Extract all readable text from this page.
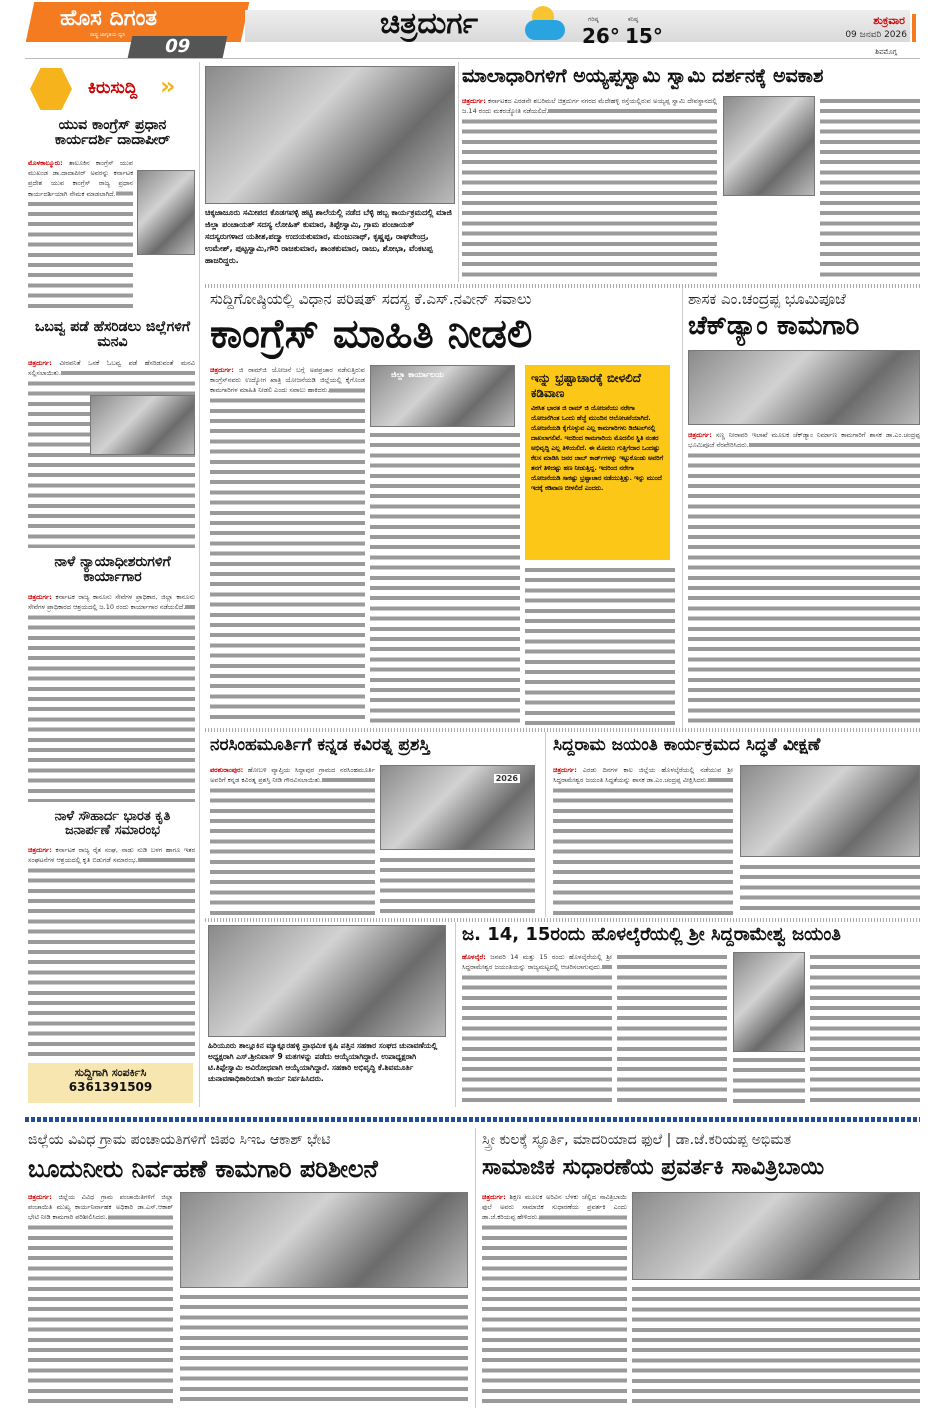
ಹೊಸ ದಿಗಂತ
ರಾಷ್ಟ್ರ ಜಾಗೃತಿಯ ಧ್ವನಿ
09
ಚಿತ್ರದುರ್ಗ	ಗರಿಷ್ಠ
26°
ಕನಿಷ್ಠ
15°
ಶುಕ್ರವಾರ
09 ಜನವರಿ 2026
ಶಿವಮೊಗ್ಗ
ಕಿರುಸುದ್ದಿ »
ಯುವ ಕಾಂಗ್ರೆಸ್ ಪ್ರಧಾನ ಕಾರ್ಯದರ್ಶಿ ದಾದಾಪೀರ್
ಮೊಳಕಾಲ್ಮೂರು: ತಾಲೂಕಿನ ಕಾಂಗ್ರೆಸ್ ಯುವ ಮುಖಂಡ ಡಾ.ದಾದಾಪೀರ್ ಅವರನ್ನು ಕರ್ನಾಟಕ ಪ್ರದೇಶ ಯುವ ಕಾಂಗ್ರೆಸ್ ರಾಜ್ಯ ಪ್ರಧಾನ ಕಾರ್ಯದರ್ಶಿಯಾಗಿ ನೇಮಕ ಮಾಡಲಾಗಿದೆ.
ಒಬವ್ವ ಪಡೆ ಹೆಸರಿಡಲು ಜಿಲ್ಲೆಗಳಿಗೆ ಮನವಿ
ಚಿತ್ರದುರ್ಗ: ವೀರವನಿತೆ ಒನಕೆ ಓಬವ್ವ ಪಡೆ ಹೆಸರಿಡುವಂತೆ ಮನವಿ ಸಲ್ಲಿಸಲಾಯಿತು.
ನಾಳೆ ನ್ಯಾಯಾಧೀಶರುಗಳಿಗೆ ಕಾರ್ಯಾಗಾರ
ಚಿತ್ರದುರ್ಗ: ಕರ್ನಾಟಕ ರಾಜ್ಯ ಕಾನೂನು ಸೇವೆಗಳ ಪ್ರಾಧಿಕಾರ, ಜಿಲ್ಲಾ ಕಾನೂನು ಸೇವೆಗಳ ಪ್ರಾಧಿಕಾರದ ಆಶ್ರಯದಲ್ಲಿ ಜ.10 ರಂದು ಕಾರ್ಯಾಗಾರ ನಡೆಯಲಿದೆ.
ನಾಳೆ ಸೌಹಾರ್ದ ಭಾರತ ಕೃತಿ ಜನಾರ್ಪಣೆ ಸಮಾರಂಭ
ಚಿತ್ರದುರ್ಗ: ಕರ್ನಾಟಕ ರಾಜ್ಯ ರೈತ ಸಂಘ, ನಾಡು ನುಡಿ ಬಳಗ ಹಾಗೂ ಇತರ ಸಂಘಟನೆಗಳ ಆಶ್ರಯದಲ್ಲಿ ಕೃತಿ ಬಿಡುಗಡೆ ಸಮಾರಂಭ.
ಸುದ್ದಿಗಾಗಿ ಸಂಪರ್ಕಿಸಿ
6361391509
ಚಿಕ್ಕಜಾಜೂರು ಸಮೀಪದ ಕೊಡಗವಳ್ಳಿ ಹಟ್ಟಿ ಶಾಲೆಯಲ್ಲಿ ನಡೆದ ಬೆಳ್ಳಿ ಹಬ್ಬ ಕಾರ್ಯಕ್ರಮದಲ್ಲಿ ಮಾಜಿ ಜಿಲ್ಲಾ ಪಂಚಾಯತ್ ಸದಸ್ಯ ಲೋಹಿತ್ ಕುಮಾರ, ತಿಪ್ಪೇಸ್ವಾಮಿ, ಗ್ರಾಮ ಪಂಚಾಯತ್ ಸದಸ್ಯರುಗಳಾದ ಯತೀಶ,ಪದ್ಮಾ ಉದಯಕುಮಾರ, ಮಂಜುನಾಥ್, ಕೃಷ್ಣಪ್ಪ, ರಾಘವೇಂದ್ರ, ಉಮೇಶ್, ಪುಟ್ಟಸ್ವಾಮಿ,ಗೌರಿ ರಾಜಕುಮಾರ, ಶಾಂತಕುಮಾರ, ರಾಜು, ಶೋಭಾ, ವೆಂಕಟಪ್ಪ ಹಾಜರಿದ್ದರು.
ಮಾಲಾಧಾರಿಗಳಿಗೆ ಅಯ್ಯಪ್ಪಸ್ವಾಮಿ ಸ್ವಾಮಿ ದರ್ಶನಕ್ಕೆ ಅವಕಾಶ
ಚಿತ್ರದುರ್ಗ: ಕರ್ನಾಟಕದ ಎರಡನೇ ಶಬರಿಮಲೆ ಚಿತ್ರದುರ್ಗ ನಗರದ ಮೆದೇಹಳ್ಳಿ ರಸ್ತೆಯಲ್ಲಿರುವ ಅಯ್ಯಪ್ಪ ಸ್ವಾಮಿ ದೇವಸ್ಥಾನದಲ್ಲಿ ಜ.14 ರಂದು ಮಕರಜ್ಯೋತಿ ನಡೆಯಲಿದೆ.
ಸುದ್ದಿಗೋಷ್ಠಿಯಲ್ಲಿ ವಿಧಾನ ಪರಿಷತ್ ಸದಸ್ಯ ಕೆ.ಎಸ್.ನವೀನ್ ಸವಾಲು
ಕಾಂಗ್ರೆಸ್ ಮಾಹಿತಿ ನೀಡಲಿ
ಚಿತ್ರದುರ್ಗ: ಜಿ ರಾಮ್‌ಜಿ ಯೋಜನೆ ಬಗ್ಗೆ ಅಪಪ್ರಚಾರ ನಡೆಸುತ್ತಿರುವ ಕಾಂಗ್ರೆಸ್‌ನವರು ಉದ್ಯೋಗ ಖಾತ್ರಿ ಯೋಜನೆಯಡಿ ಜಿಲ್ಲೆಯಲ್ಲಿ ಕೈಗೊಂಡ ಕಾಮಗಾರಿಗಳ ಮಾಹಿತಿ ನೀಡಲಿ ಎಂದು ಸವಾಲು ಹಾಕಿದರು.
ಜಿಲ್ಲಾ ಕಾರ್ಯಾಲಯ	ಇನ್ನು ಭ್ರಷ್ಟಾಚಾರಕ್ಕೆ ಬೀಳಲಿದೆ ಕಡಿವಾಣ
ವಿಕಸಿತ ಭಾರತ ಜಿ ರಾಮ್ ಜಿ ಯೋಜನೆಯು ನರೇಗಾ ಯೋಜನೆಗಿಂತ ಒಂದು ಹೆಜ್ಜೆ ಮುಂದಿನ ಆಲೋಚನೆಯಾಗಿದೆ. ಯೋಜನೆಯಡಿ ಕೈಗೊಳ್ಳುವ ಎಲ್ಲ ಕಾಮಗಾರಿಗಳು ಡಿಜಿಟಲ್‌ನಲ್ಲಿ ದಾಖಲಾಗಲಿವೆ. ಇದರಿಂದ ಕಾಮಗಾರಿಯ ಮೊದಲಿನ ಸ್ಥಿತಿ ನಂತರ ಅಭಿವೃದ್ಧಿ ಎಲ್ಲ ತಿಳಿಯಲಿದೆ. ಈ ಮೊದಲು ಗುತ್ತಿಗೆದಾರ ಒಂದಷ್ಟು ಕೆಲಸ ಮಾಡಿಸಿ ಜನರ ಜಾಬ್ ಕಾರ್ಡ್‌ಗಳನ್ನು ಇಟ್ಟುಕೊಂಡು ಅವರಿಗೆ ತನಗೆ ತಿಳಿದಷ್ಟು ಹಣ ನೀಡುತ್ತಿದ್ದ. ಇದರಿಂದ ನರೇಗಾ ಯೋಜನೆಯಡಿ ಸಾಕಷ್ಟು ಭ್ರಷ್ಟಾಚಾರ ನಡೆಯುತ್ತಿತ್ತು. ಇನ್ನು ಮುಂದೆ ಇದಕ್ಕೆ ಕಡಿವಾಣ ಬೀಳಲಿದೆ ಎಂದರು.
ಶಾಸಕ ಎಂ.ಚಂದ್ರಪ್ಪ ಭೂಮಿಪೂಜೆ
ಚೆಕ್‌ಡ್ಯಾಂ ಕಾಮಗಾರಿ
ಚಿತ್ರದುರ್ಗ: ಸಣ್ಣ ನೀರಾವರಿ ಇಲಾಖೆ ಮೂಲಕ ಚೆಕ್‌ಡ್ಯಾಂ ನಿರ್ಮಾಣ ಕಾಮಗಾರಿಗೆ ಶಾಸಕ ಡಾ.ಎಂ.ಚಂದ್ರಪ್ಪ ಭೂಮಿಪೂಜೆ ನೆರವೇರಿಸಿದರು.
ನರಸಿಂಹಮೂರ್ತಿಗೆ ಕನ್ನಡ ಕವಿರತ್ನ ಪ್ರಶಸ್ತಿ
ಪರಶುರಾಂಪುರ: ಹೋಬಳಿ ವ್ಯಾಪ್ತಿಯ ಸಿದ್ದಾಪುರ ಗ್ರಾಮದ ನರಸಿಂಹಮೂರ್ತಿ ಅವರಿಗೆ ಕನ್ನಡ ಕವಿರತ್ನ ಪ್ರಶಸ್ತಿ ನೀಡಿ ಗೌರವಿಸಲಾಯಿತು.	2026
ಸಿದ್ದರಾಮ ಜಯಂತಿ ಕಾರ್ಯಕ್ರಮದ ಸಿದ್ಧತೆ ವೀಕ್ಷಣೆ
ಚಿತ್ರದುರ್ಗ: ಎರಡು ದಿನಗಳ ಕಾಲ ಜಿಲ್ಲೆಯ ಹೊಳಲ್ಕೆರೆಯಲ್ಲಿ ನಡೆಯುವ ಶ್ರೀ ಸಿದ್ಧರಾಮೇಶ್ವರ ಜಯಂತಿ ಸಿದ್ಧತೆಯನ್ನು ಶಾಸಕ ಡಾ.ಎಂ.ಚಂದ್ರಪ್ಪ ವೀಕ್ಷಿಸಿದರು.
ಹಿರಿಯೂರು ತಾಲ್ಲೂಕಿನ ಮ್ಯಾಕ್ಲೂರಹಳ್ಳಿ ಪ್ರಾಥಮಿಕ ಕೃಷಿ ಪತ್ತಿನ ಸಹಕಾರ ಸಂಘದ ಚುನಾವಣೆಯಲ್ಲಿ ಅಧ್ಯಕ್ಷರಾಗಿ ಎಸ್.ಶ್ರೀನಿವಾಸ್ 9 ಮತಗಳನ್ನು ಪಡೆದು ಆಯ್ಕೆಯಾಗಿದ್ದಾರೆ. ಉಪಾಧ್ಯಕ್ಷರಾಗಿ ಟಿ.ತಿಪ್ಪೇಸ್ವಾಮಿ ಅವಿರೋಧವಾಗಿ ಆಯ್ಕೆಯಾಗಿದ್ದಾರೆ. ಸಹಕಾರಿ ಅಭಿವೃದ್ಧಿ ಕೆ.ಶಿವಮೂರ್ತಿ ಚುನಾವಣಾಧಿಕಾರಿಯಾಗಿ ಕಾರ್ಯ ನಿರ್ವಹಿಸಿದರು.
ಜ. 14, 15ರಂದು ಹೊಳಲ್ಕೆರೆಯಲ್ಲಿ ಶ್ರೀ ಸಿದ್ದರಾಮೇಶ್ವ ಜಯಂತಿ
ಹೊಳಲ್ಕೆರೆ: ಜನವರಿ 14 ಮತ್ತು 15 ರಂದು ಹೊಳಲ್ಕೆರೆಯಲ್ಲಿ ಶ್ರೀ ಸಿದ್ಧರಾಮೇಶ್ವರ ಜಯಂತಿಯನ್ನು ರಾಜ್ಯಮಟ್ಟದಲ್ಲಿ ಆಚರಿಸಲಾಗುವುದು.
ಜಿಲ್ಲೆಯ ವಿವಿಧ ಗ್ರಾಮ ಪಂಚಾಯತಿಗಳಿಗೆ ಜಿಪಂ ಸಿಇಒ ಆಕಾಶ್ ಭೇಟಿ
ಬೂದುನೀರು ನಿರ್ವಹಣೆ ಕಾಮಗಾರಿ ಪರಿಶೀಲನೆ
ಚಿತ್ರದುರ್ಗ: ಜಿಲ್ಲೆಯ ವಿವಿಧ ಗ್ರಾಮ ಪಂಚಾಯಿತಿಗಳಿಗೆ ಜಿಲ್ಲಾ ಪಂಚಾಯಿತಿ ಮುಖ್ಯ ಕಾರ್ಯನಿರ್ವಾಹಕ ಅಧಿಕಾರಿ ಡಾ.ಎಸ್.ಆಕಾಶ್ ಭೇಟಿ ನೀಡಿ ಕಾಮಗಾರಿ ಪರಿಶೀಲಿಸಿದರು.
ಸ್ತ್ರೀ ಕುಲಕ್ಕೆ ಸ್ಫೂರ್ತಿ, ಮಾದರಿಯಾದ ಫುಲೆ | ಡಾ.ಜೆ.ಕರಿಯಪ್ಪ ಅಭಿಮತ
ಸಾಮಾಜಿಕ ಸುಧಾರಣೆಯ ಪ್ರವರ್ತಕಿ ಸಾವಿತ್ರಿಬಾಯಿ
ಚಿತ್ರದುರ್ಗ: ಶಿಕ್ಷಣ ಮೂಲಕ ಅರಿವಿನ ಬೆಳಕು ಚೆಲ್ಲಿದ ಸಾವಿತ್ರಿಬಾಯಿ ಫುಲೆ ಅವರು ಸಾಮಾಜಿಕ ಸುಧಾರಣೆಯ ಪ್ರವರ್ತಕಿ ಎಂದು ಡಾ.ಜೆ.ಕರಿಯಪ್ಪ ಹೇಳಿದರು.
